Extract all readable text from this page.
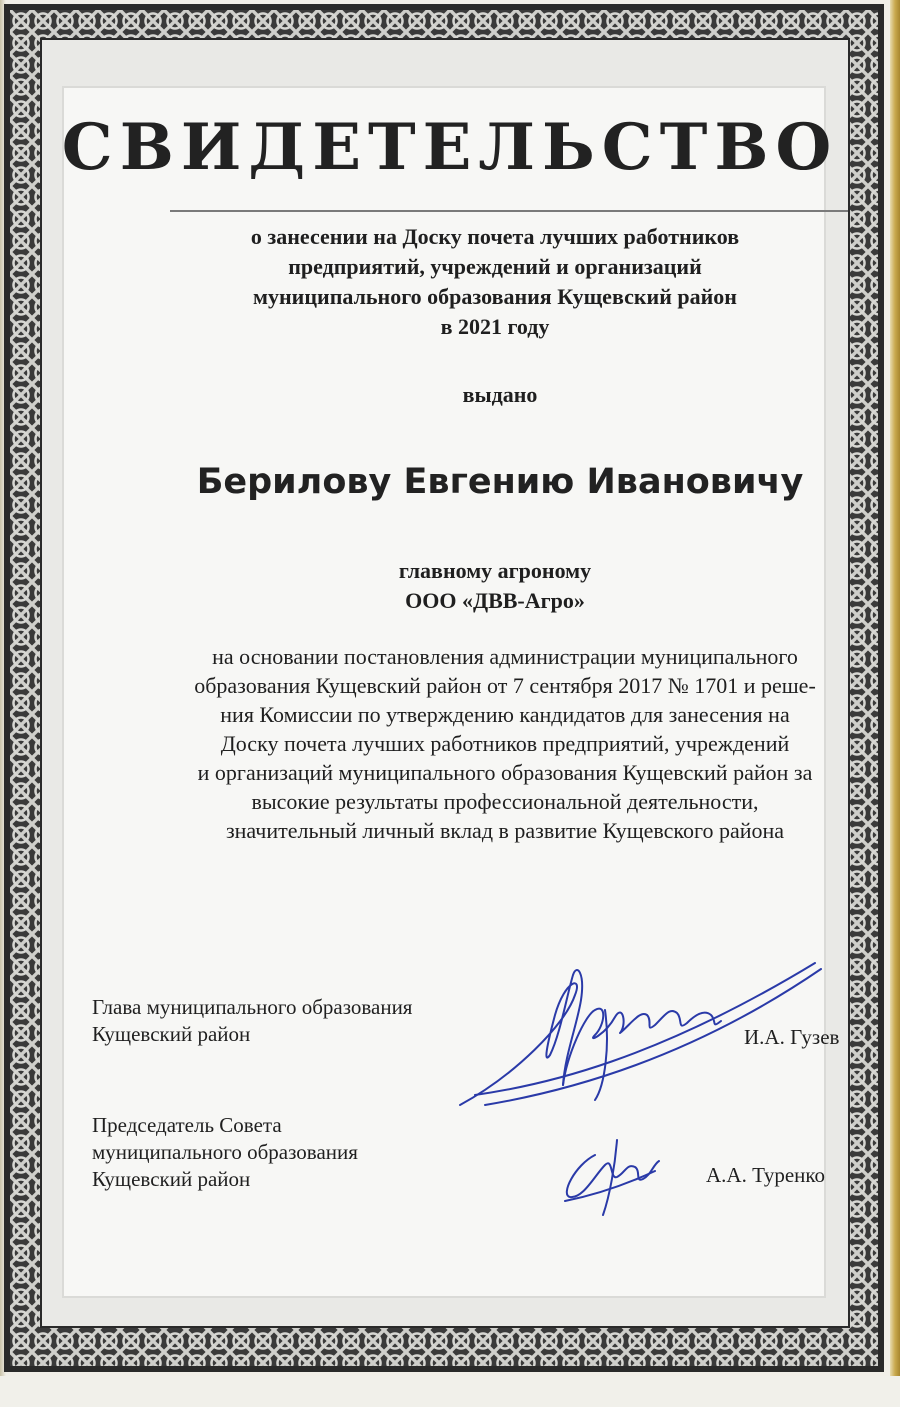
СВИДЕТЕЛЬСТВО
о занесении на Доску почета лучших работников
предприятий, учреждений и организаций
муниципального образования Кущевский район
в 2021 году
выдано
Берилову Евгению Ивановичу
главному агроному
ООО «ДВВ-Агро»
на основании постановления администрации муниципального
образования Кущевский район от 7 сентября 2017 № 1701 и реше-
ния Комиссии по утверждению кандидатов для занесения на
Доску почета лучших работников предприятий, учреждений
и организаций муниципального образования Кущевский район за
высокие результаты профессиональной деятельности,
значительный личный вклад в развитие Кущевского района
Глава муниципального образования
Кущевский район	И.А. Гузев
Председатель Совета
муниципального образования
Кущевский район	А.А. Туренко
